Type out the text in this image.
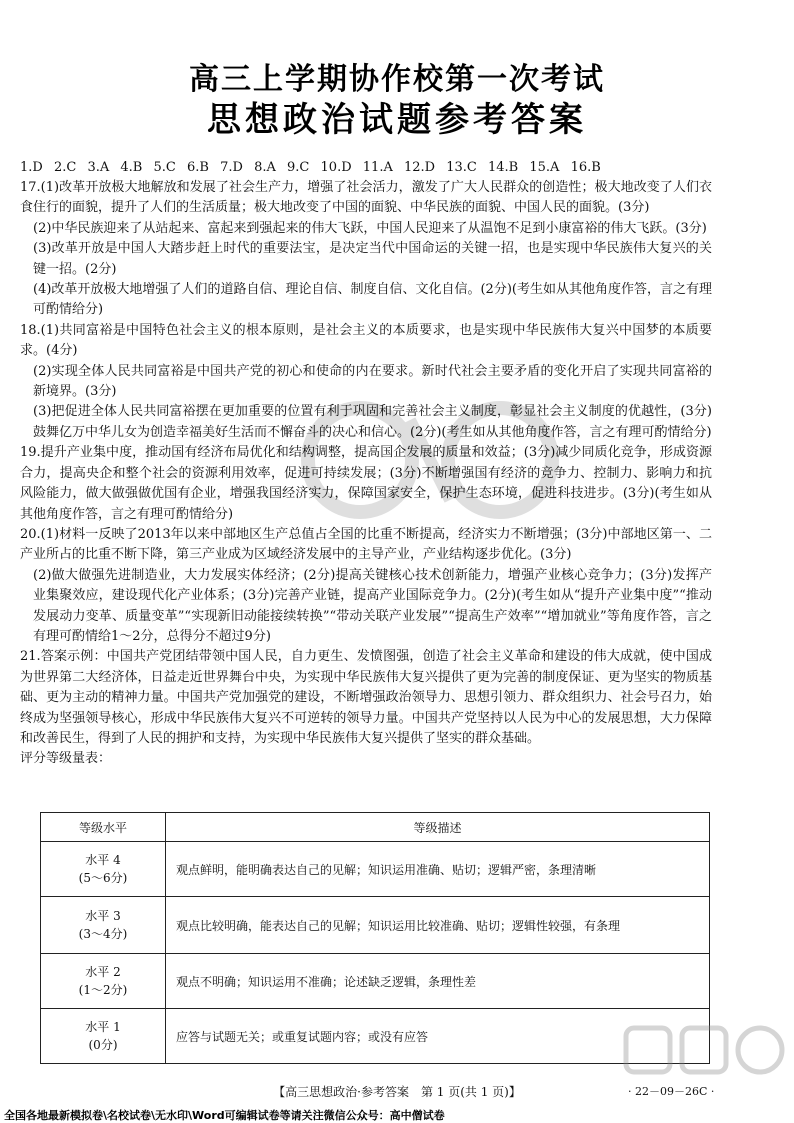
高三上学期协作校第一次考试
思想政治试题参考答案
1.D 2.C 3.A 4.B 5.C 6.B 7.D 8.A 9.C 10.D 11.A 12.D 13.C 14.B 15.A 16.B

17.(1)改革开放极大地解放和发展了社会生产力，增强了社会活力，激发了广大人民群众的创造性；极大地改变了人们衣食住行的面貌，提升了人们的生活质量；极大地改变了中国的面貌、中华民族的面貌、中国人民的面貌。(3分)

(2)中华民族迎来了从站起来、富起来到强起来的伟大飞跃，中国人民迎来了从温饱不足到小康富裕的伟大飞跃。(3分)

(3)改革开放是中国人大踏步赶上时代的重要法宝，是决定当代中国命运的关键一招，也是实现中华民族伟大复兴的关键一招。(2分)

(4)改革开放极大地增强了人们的道路自信、理论自信、制度自信、文化自信。(2分)(考生如从其他角度作答，言之有理可酌情给分)

18.(1)共同富裕是中国特色社会主义的根本原则，是社会主义的本质要求，也是实现中华民族伟大复兴中国梦的本质要求。(4分)

(2)实现全体人民共同富裕是中国共产党的初心和使命的内在要求。新时代社会主要矛盾的变化开启了实现共同富裕的新境界。(3分)

(3)把促进全体人民共同富裕摆在更加重要的位置有利于巩固和完善社会主义制度，彰显社会主义制度的优越性，(3分)鼓舞亿万中华儿女为创造幸福美好生活而不懈奋斗的决心和信心。(2分)(考生如从其他角度作答，言之有理可酌情给分)

19.提升产业集中度，推动国有经济布局优化和结构调整，提高国企发展的质量和效益；(3分)减少同质化竞争，形成资源合力，提高央企和整个社会的资源利用效率，促进可持续发展；(3分)不断增强国有经济的竞争力、控制力、影响力和抗风险能力，做大做强做优国有企业，增强我国经济实力，保障国家安全，保护生态环境，促进科技进步。(3分)(考生如从其他角度作答，言之有理可酌情给分)

20.(1)材料一反映了2013年以来中部地区生产总值占全国的比重不断提高，经济实力不断增强；(3分)中部地区第一、二产业所占的比重不断下降，第三产业成为区域经济发展中的主导产业，产业结构逐步优化。(3分)

(2)做大做强先进制造业，大力发展实体经济；(2分)提高关键核心技术创新能力，增强产业核心竞争力；(3分)发挥产业集聚效应，建设现代化产业体系；(3分)完善产业链，提高产业国际竞争力。(2分)(考生如从“提升产业集中度”“推动发展动力变革、质量变革”“实现新旧动能接续转换”“带动关联产业发展”“提高生产效率”“增加就业”等角度作答，言之有理可酌情给1～2分，总得分不超过9分)

21.答案示例：中国共产党团结带领中国人民，自力更生、发愤图强，创造了社会主义革命和建设的伟大成就，使中国成为世界第二大经济体，日益走近世界舞台中央，为实现中华民族伟大复兴提供了更为完善的制度保证、更为坚实的物质基础、更为主动的精神力量。中国共产党加强党的建设，不断增强政治领导力、思想引领力、群众组织力、社会号召力，始终成为坚强领导核心，形成中华民族伟大复兴不可逆转的领导力量。中国共产党坚持以人民为中心的发展思想，大力保障和改善民生，得到了人民的拥护和支持，为实现中华民族伟大复兴提供了坚实的群众基础。

评分等级量表：

等级水平	等级描述

水平 4
(5～6分)	观点鲜明，能明确表达自己的见解；知识运用准确、贴切；逻辑严密，条理清晰

水平 3
(3～4分)	观点比较明确，能表达自己的见解；知识运用比较准确、贴切；逻辑性较强，有条理

水平 2
(1～2分)	观点不明确；知识运用不准确；论述缺乏逻辑，条理性差

水平 1
(0分)	应答与试题无关；或重复试题内容；或没有应答
【高三思想政治·参考答案　第 1 页(共 1 页)】	· 22－09－26C ·
全国各地最新模拟卷\名校试卷\无水印\Word可编辑试卷等请关注微信公众号：高中僧试卷
